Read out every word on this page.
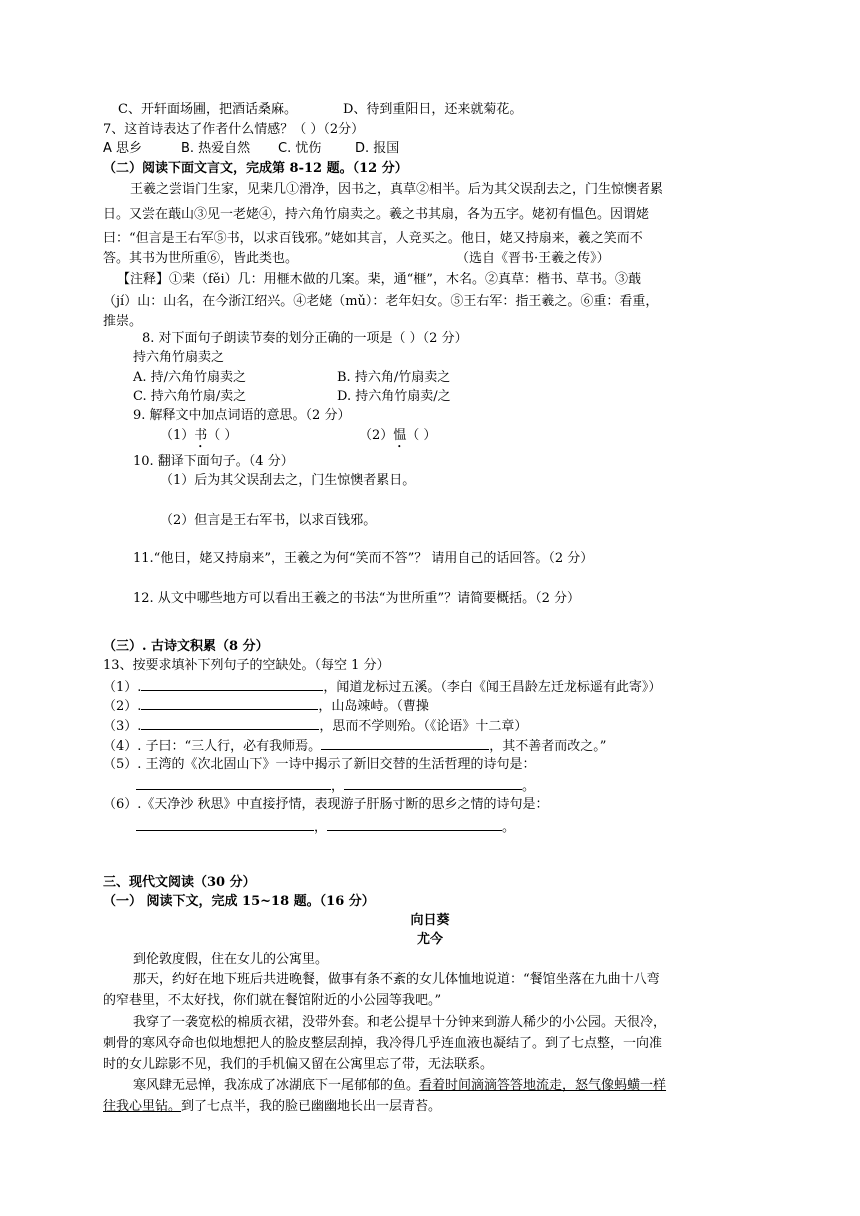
C、开轩面场圃，把酒话桑麻。	D、待到重阳日，还来就菊花。
7、这首诗表达了作者什么情感？（ ）（2分）
A 思乡	B. 热爱自然 C. 忧伤	D. 报国
（二）阅读下面文言文，完成第 8-12 题。（12 分）
王羲之尝诣门生家，见棐几①滑净，因书之，真草②相半。后为其父误刮去之，门生惊懊者累
日。又尝在蕺山③见一老姥④，持六角竹扇卖之。羲之书其扇，各为五字。姥初有愠色。因谓姥
曰：“但言是王右军⑤书，以求百钱邪。”姥如其言，人竞买之。他日，姥又持扇来，羲之笑而不
答。其书为世所重⑥，皆此类也。	（选自《晋书·王羲之传》）
【注释】①棐（fěi）几：用榧木做的几案。棐，通“榧”，木名。②真草：楷书、草书。③蕺
（jí）山：山名，在今浙江绍兴。④老姥（mǔ）：老年妇女。⑤王右军：指王羲之。⑥重：看重，
推崇。
8. 对下面句子朗读节奏的划分正确的一项是（ ）（2 分）
持六角竹扇卖之
A. 持/六角竹扇卖之	B. 持六角/竹扇卖之
C. 持六角竹扇/卖之	D. 持六角竹扇卖/之
9. 解释文中加点词语的意思。（2 分）
（1）书（ ）	（2）愠（ ）
10. 翻译下面句子。（4 分）
（1）后为其父误刮去之，门生惊懊者累日。
（2）但言是王右军书，以求百钱邪。
11.“他日，姥又持扇来”，王羲之为何“笑而不答”？ 请用自己的话回答。（2 分）
12. 从文中哪些地方可以看出王羲之的书法“为世所重”？请简要概括。（2 分）
（三）. 古诗文积累（8 分）
13、按要求填补下列句子的空缺处。（每空 1 分）
（1）.	，闻道龙标过五溪。（李白《闻王昌龄左迁龙标遥有此寄》）
（2）.	，山岛竦峙。（曹操
（3）.	，思而不学则殆。（《论语》十二章）
（4）. 子曰：“三人行，必有我师焉。	，其不善者而改之。”
（5）. 王湾的《次北固山下》一诗中揭示了新旧交替的生活哲理的诗句是：
，	。
（6）.《天净沙 秋思》中直接抒情，表现游子肝肠寸断的思乡之情的诗句是：
，	。
三、现代文阅读（30 分）
（一） 阅读下文，完成 15~18 题。（16 分）
向日葵
尤今
到伦敦度假，住在女儿的公寓里。
那天，约好在地下班后共进晚餐，做事有条不紊的女儿体恤地说道：“餐馆坐落在九曲十八弯
的窄巷里，不太好找，你们就在餐馆附近的小公园等我吧。”
我穿了一袭宽松的棉质衣裙，没带外套。和老公提早十分钟来到游人稀少的小公园。天很冷，
刺骨的寒风夺命也似地想把人的脸皮整层刮掉，我冷得几乎连血液也凝结了。到了七点整，一向准
时的女儿踪影不见，我们的手机偏又留在公寓里忘了带，无法联系。
寒风肆无忌惮，我冻成了冰湖底下一尾郁郁的鱼。看着时间滴滴答答地流走，怒气像蚂蟥一样
往我心里钻。到了七点半，我的脸已幽幽地长出一层青苔。
